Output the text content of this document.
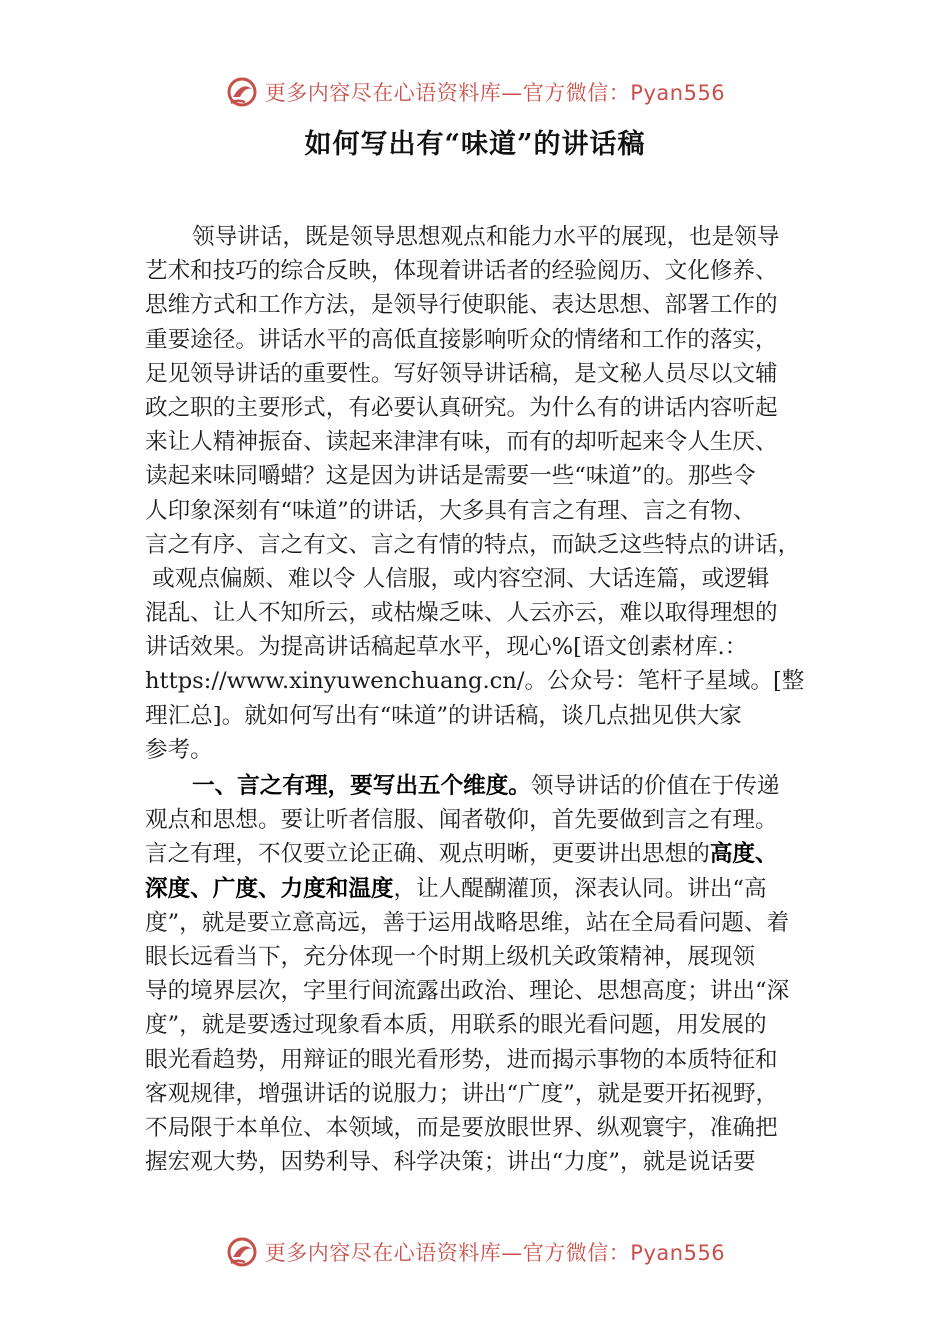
更多内容尽在心语资料库—官方微信：Pyan556
如何写出有“味道”的讲话稿
领导讲话，既是领导思想观点和能力水平的展现，也是领导
艺术和技巧的综合反映，体现着讲话者的经验阅历、文化修养、
思维方式和工作方法，是领导行使职能、表达思想、部署工作的
重要途径。讲话水平的高低直接影响听众的情绪和工作的落实，
足见领导讲话的重要性。写好领导讲话稿，是文秘人员尽以文辅
政之职的主要形式，有必要认真研究。为什么有的讲话内容听起
来让人精神振奋、读起来津津有味，而有的却听起来令人生厌、
读起来味同嚼蜡？这是因为讲话是需要一些“味道”的。那些令
人印象深刻有“味道”的讲话，大多具有言之有理、言之有物、
言之有序、言之有文、言之有情的特点，而缺乏这些特点的讲话，
或观点偏颇、难以令 人信服，或内容空洞、大话连篇，或逻辑
混乱、让人不知所云，或枯燥乏味、人云亦云，难以取得理想的
讲话效果。为提高讲话稿起草水平，现心%[语文创素材库.：
https://www.xinyuwenchuang.cn/。公众号：笔杆子星域。[整
理汇总]。就如何写出有“味道”的讲话稿，谈几点拙见供大家
参考。
一、言之有理，要写出五个维度。领导讲话的价值在于传递
观点和思想。要让听者信服、闻者敬仰，首先要做到言之有理。
言之有理，不仅要立论正确、观点明晰，更要讲出思想的高度、
深度、广度、力度和温度，让人醍醐灌顶，深表认同。讲出“高
度”，就是要立意高远，善于运用战略思维，站在全局看问题、着
眼长远看当下，充分体现一个时期上级机关政策精神，展现领
导的境界层次，字里行间流露出政治、理论、思想高度；讲出“深
度”，就是要透过现象看本质，用联系的眼光看问题，用发展的
眼光看趋势，用辩证的眼光看形势，进而揭示事物的本质特征和
客观规律，增强讲话的说服力；讲出“广度”，就是要开拓视野，
不局限于本单位、本领域，而是要放眼世界、纵观寰宇，准确把
握宏观大势，因势利导、科学决策；讲出“力度”，就是说话要
更多内容尽在心语资料库—官方微信：Pyan556
